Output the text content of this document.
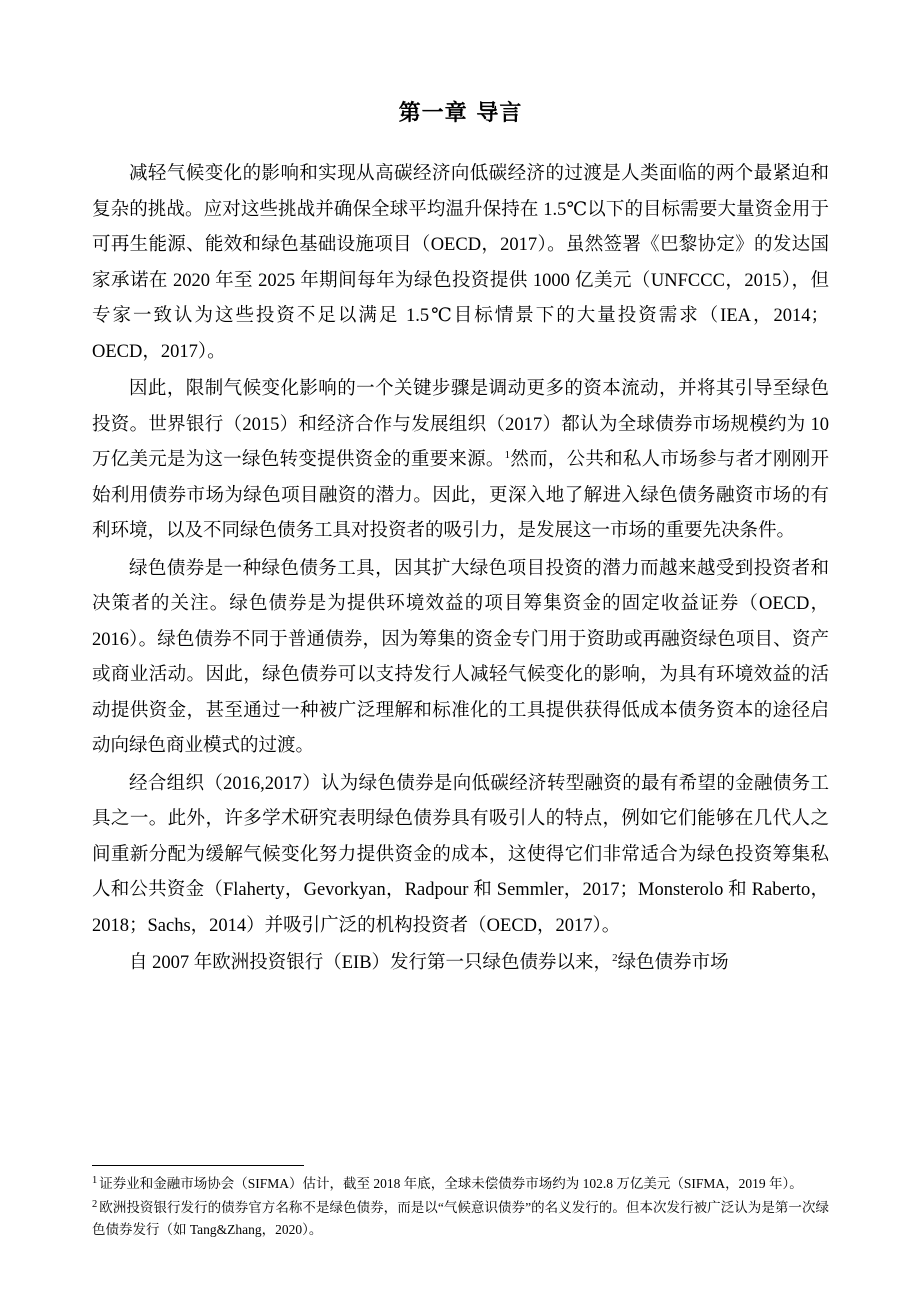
第一章 导言

减轻气候变化的影响和实现从高碳经济向低碳经济的过渡是人类面临的两个最紧迫和复杂的挑战。应对这些挑战并确保全球平均温升保持在 1.5℃以下的目标需要大量资金用于可再生能源、能效和绿色基础设施项目（OECD，2017）。虽然签署《巴黎协定》的发达国家承诺在 2020 年至 2025 年期间每年为绿色投资提供 1000 亿美元（UNFCCC，2015），但专家一致认为这些投资不足以满足 1.5℃目标情景下的大量投资需求（IEA，2014；OECD，2017）。

因此，限制气候变化影响的一个关键步骤是调动更多的资本流动，并将其引导至绿色投资。世界银行（2015）和经济合作与发展组织（2017）都认为全球债券市场规模约为 10 万亿美元是为这一绿色转变提供资金的重要来源。$^1$然而，公共和私人市场参与者才刚刚开始利用债券市场为绿色项目融资的潜力。因此，更深入地了解进入绿色债务融资市场的有利环境，以及不同绿色债务工具对投资者的吸引力，是发展这一市场的重要先决条件。

绿色债券是一种绿色债务工具，因其扩大绿色项目投资的潜力而越来越受到投资者和决策者的关注。绿色债券是为提供环境效益的项目筹集资金的固定收益证券（OECD，2016）。绿色债券不同于普通债券，因为筹集的资金专门用于资助或再融资绿色项目、资产或商业活动。因此，绿色债券可以支持发行人减轻气候变化的影响，为具有环境效益的活动提供资金，甚至通过一种被广泛理解和标准化的工具提供获得低成本债务资本的途径启动向绿色商业模式的过渡。

经合组织（2016,2017）认为绿色债券是向低碳经济转型融资的最有希望的金融债务工具之一。此外，许多学术研究表明绿色债券具有吸引人的特点，例如它们能够在几代人之间重新分配为缓解气候变化努力提供资金的成本，这使得它们非常适合为绿色投资筹集私人和公共资金（Flaherty，Gevorkyan，Radpour 和 Semmler，2017；Monsterolo 和 Raberto，2018；Sachs，2014）并吸引广泛的机构投资者（OECD，2017）。

自 2007 年欧洲投资银行（EIB）发行第一只绿色债券以来，$^2$绿色债券市场

$^1$ 证券业和金融市场协会（SIFMA）估计，截至 2018 年底，全球未偿债券市场约为 102.8 万亿美元（SIFMA，2019 年）。

$^2$ 欧洲投资银行发行的债券官方名称不是绿色债券，而是以“气候意识债券”的名义发行的。但本次发行被广泛认为是第一次绿色债券发行（如 Tang&Zhang，2020）。
